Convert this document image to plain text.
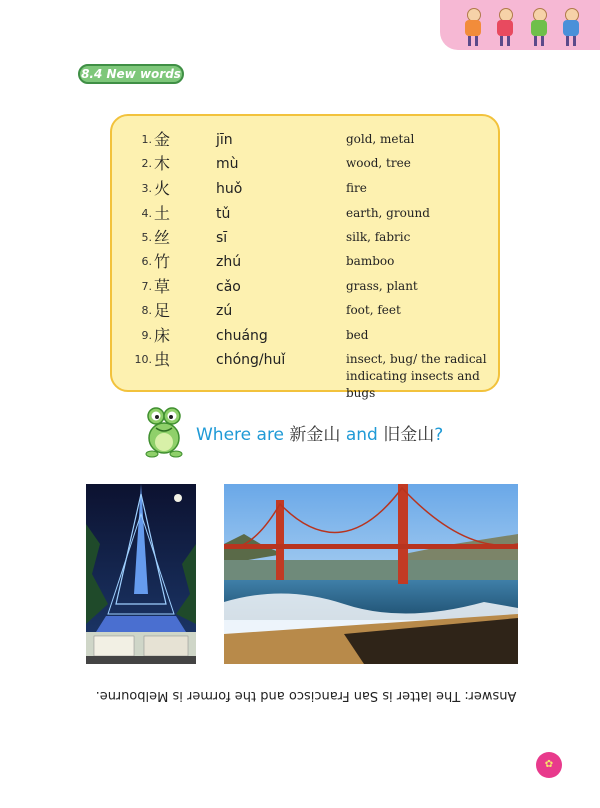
8.4 New words
1. 金	jīn	gold, metal
2. 木	mù	wood, tree
3. 火	huǒ	fire
4. 土	tǔ	earth, ground
5. 丝	sī	silk, fabric
6. 竹	zhú	bamboo
7. 草	cǎo	grass, plant
8. 足	zú	foot, feet
9. 床	chuáng	bed
10. 虫	chóng/huǐ	insect, bug/ the radical indicating insects and bugs
Where are 新金山 and 旧金山?
Answer: The latter is San Francisco and the former is Melbourne.
✿
